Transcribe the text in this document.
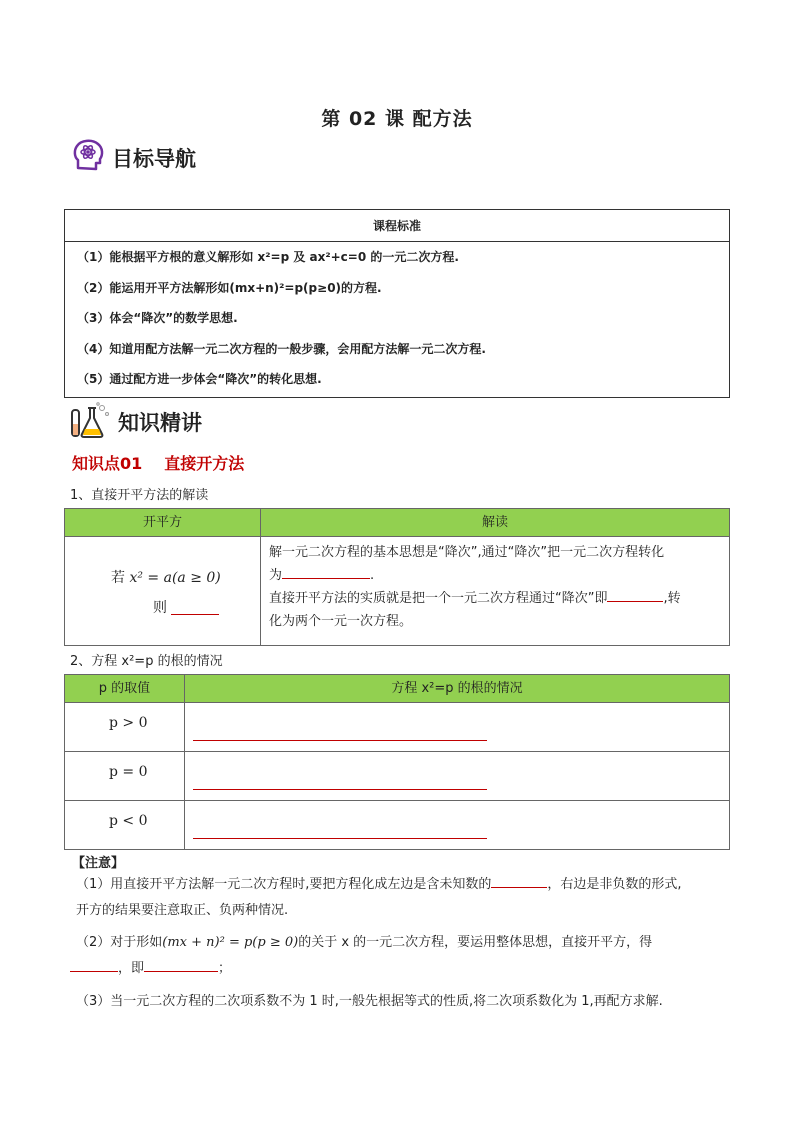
第 02 课 配方法
目标导航
课程标准
（1）能根据平方根的意义解形如 x²=p 及 ax²+c=0 的一元二次方程.
（2）能运用开平方法解形如(mx+n)²=p(p≥0)的方程.
（3）体会“降次”的数学思想.
（4）知道用配方法解一元二次方程的一般步骤，会用配方法解一元二次方程.
（5）通过配方进一步体会“降次”的转化思想.
知识精讲
知识点01 直接开方法
1、直接开平方法的解读
开平方	解读
若 x² = a(a ≥ 0)
则
解一元二次方程的基本思想是“降次”,通过“降次”把一元二次方程转化
为	.
直接开平方法的实质就是把一个一元二次方程通过“降次”即	,转
化为两个一元一次方程。
2、方程 x²=p 的根的情况
p 的取值	方程 x²=p 的根的情况
p > 0
p = 0
p < 0
【注意】
（1）用直接开平方法解一元二次方程时,要把方程化成左边是含未知数的	，右边是非负数的形式,
开方的结果要注意取正、负两种情况.
（2）对于形如(mx + n)² = p(p ≥ 0)的关于 x 的一元二次方程，要运用整体思想，直接开平方，得
，即	；
（3）当一元二次方程的二次项系数不为 1 时,一般先根据等式的性质,将二次项系数化为 1,再配方求解.
